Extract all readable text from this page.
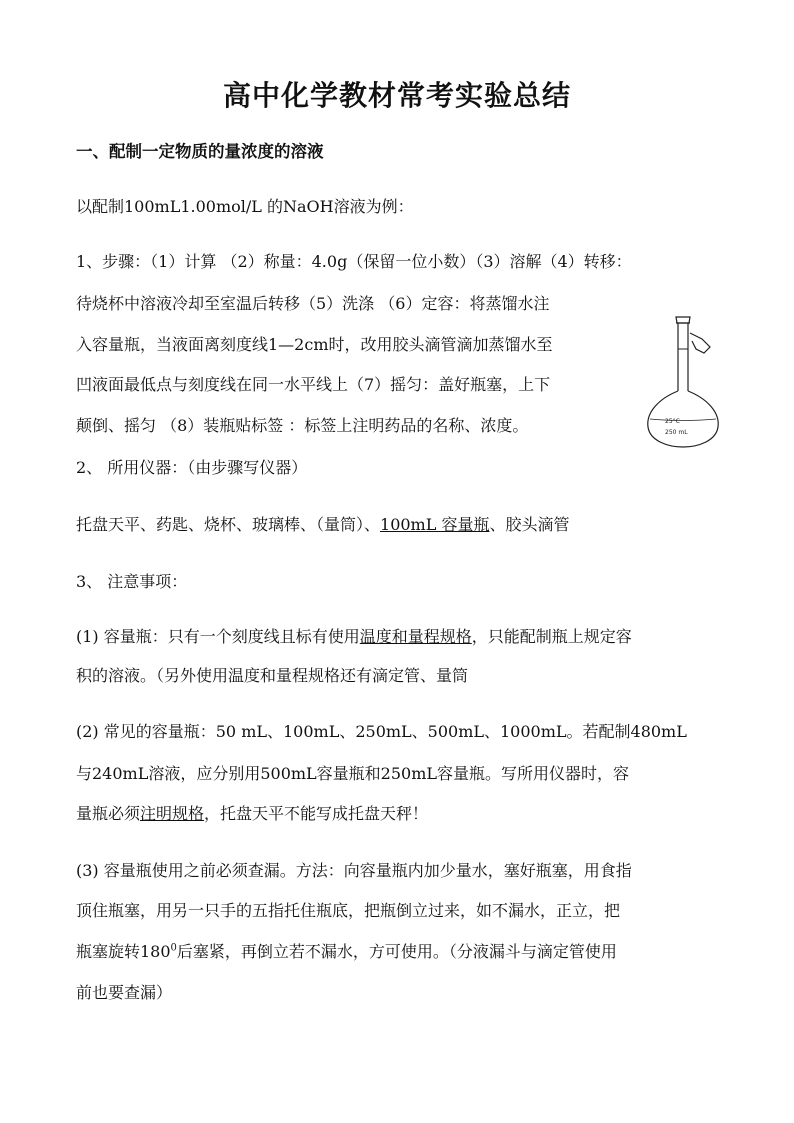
高中化学教材常考实验总结
一、配制一定物质的量浓度的溶液
以配制100mL1.00mol/L 的NaOH溶液为例：
1、步骤：（1）计算 （2）称量：4.0g（保留一位小数）（3）溶解（4）转移：
待烧杯中溶液冷却至室温后转移（5）洗涤 （6）定容：将蒸馏水注
入容量瓶，当液面离刻度线1—2cm时，改用胶头滴管滴加蒸馏水至
凹液面最低点与刻度线在同一水平线上（7）摇匀：盖好瓶塞，上下
颠倒、摇匀 （8）装瓶贴标签 ：标签上注明药品的名称、浓度。	25°C
250 mL
2、 所用仪器：（由步骤写仪器）
托盘天平、药匙、烧杯、玻璃棒、（量筒）、100mL 容量瓶、胶头滴管
3、 注意事项：
(1) 容量瓶：只有一个刻度线且标有使用温度和量程规格，只能配制瓶上规定容
积的溶液。（另外使用温度和量程规格还有滴定管、量筒
(2) 常见的容量瓶：50 mL、100mL、250mL、500mL、1000mL。若配制480mL
与240mL溶液，应分别用500mL容量瓶和250mL容量瓶。写所用仪器时，容
量瓶必须注明规格，托盘天平不能写成托盘天秤！
(3) 容量瓶使用之前必须查漏。方法：向容量瓶内加少量水，塞好瓶塞，用食指
顶住瓶塞，用另一只手的五指托住瓶底，把瓶倒立过来，如不漏水，正立，把
瓶塞旋转$180^0$后塞紧，再倒立若不漏水，方可使用。（分液漏斗与滴定管使用
前也要查漏）
